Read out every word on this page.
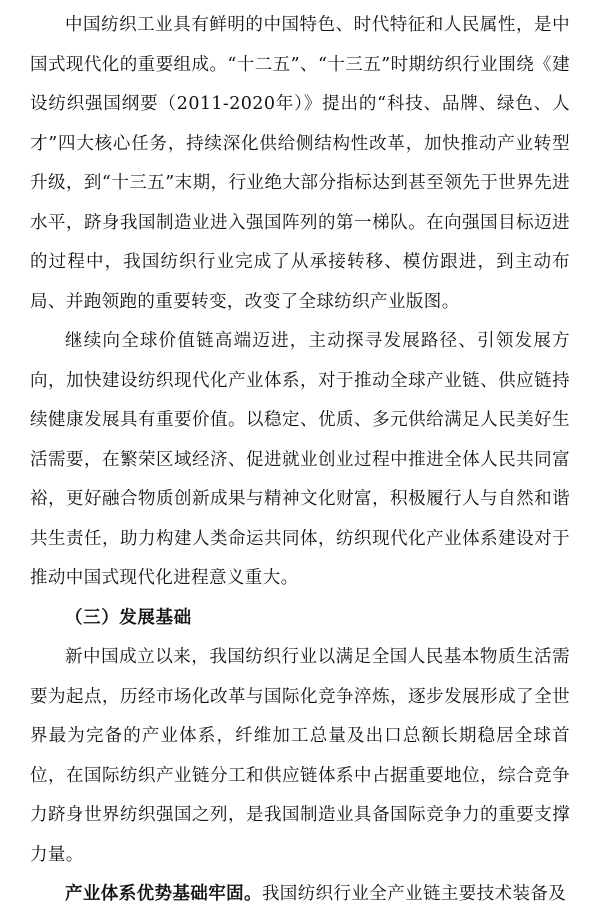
中国纺织工业具有鲜明的中国特色、时代特征和人民属性，是中国式现代化的重要组成。“十二五”、“十三五”时期纺织行业围绕《建设纺织强国纲要（2011-2020年）》提出的“科技、品牌、绿色、人才”四大核心任务，持续深化供给侧结构性改革，加快推动产业转型升级，到“十三五”末期，行业绝大部分指标达到甚至领先于世界先进水平，跻身我国制造业进入强国阵列的第一梯队。在向强国目标迈进的过程中，我国纺织行业完成了从承接转移、模仿跟进，到主动布局、并跑领跑的重要转变，改变了全球纺织产业版图。

继续向全球价值链高端迈进，主动探寻发展路径、引领发展方向，加快建设纺织现代化产业体系，对于推动全球产业链、供应链持续健康发展具有重要价值。以稳定、优质、多元供给满足人民美好生活需要，在繁荣区域经济、促进就业创业过程中推进全体人民共同富裕，更好融合物质创新成果与精神文化财富，积极履行人与自然和谐共生责任，助力构建人类命运共同体，纺织现代化产业体系建设对于推动中国式现代化进程意义重大。

（三）发展基础

新中国成立以来，我国纺织行业以满足全国人民基本物质生活需要为起点，历经市场化改革与国际化竞争淬炼，逐步发展形成了全世界最为完备的产业体系，纤维加工总量及出口总额长期稳居全球首位，在国际纺织产业链分工和供应链体系中占据重要地位，综合竞争力跻身世界纺织强国之列，是我国制造业具备国际竞争力的重要支撑力量。

产业体系优势基础牢固。我国纺织行业全产业链主要技术装备及
